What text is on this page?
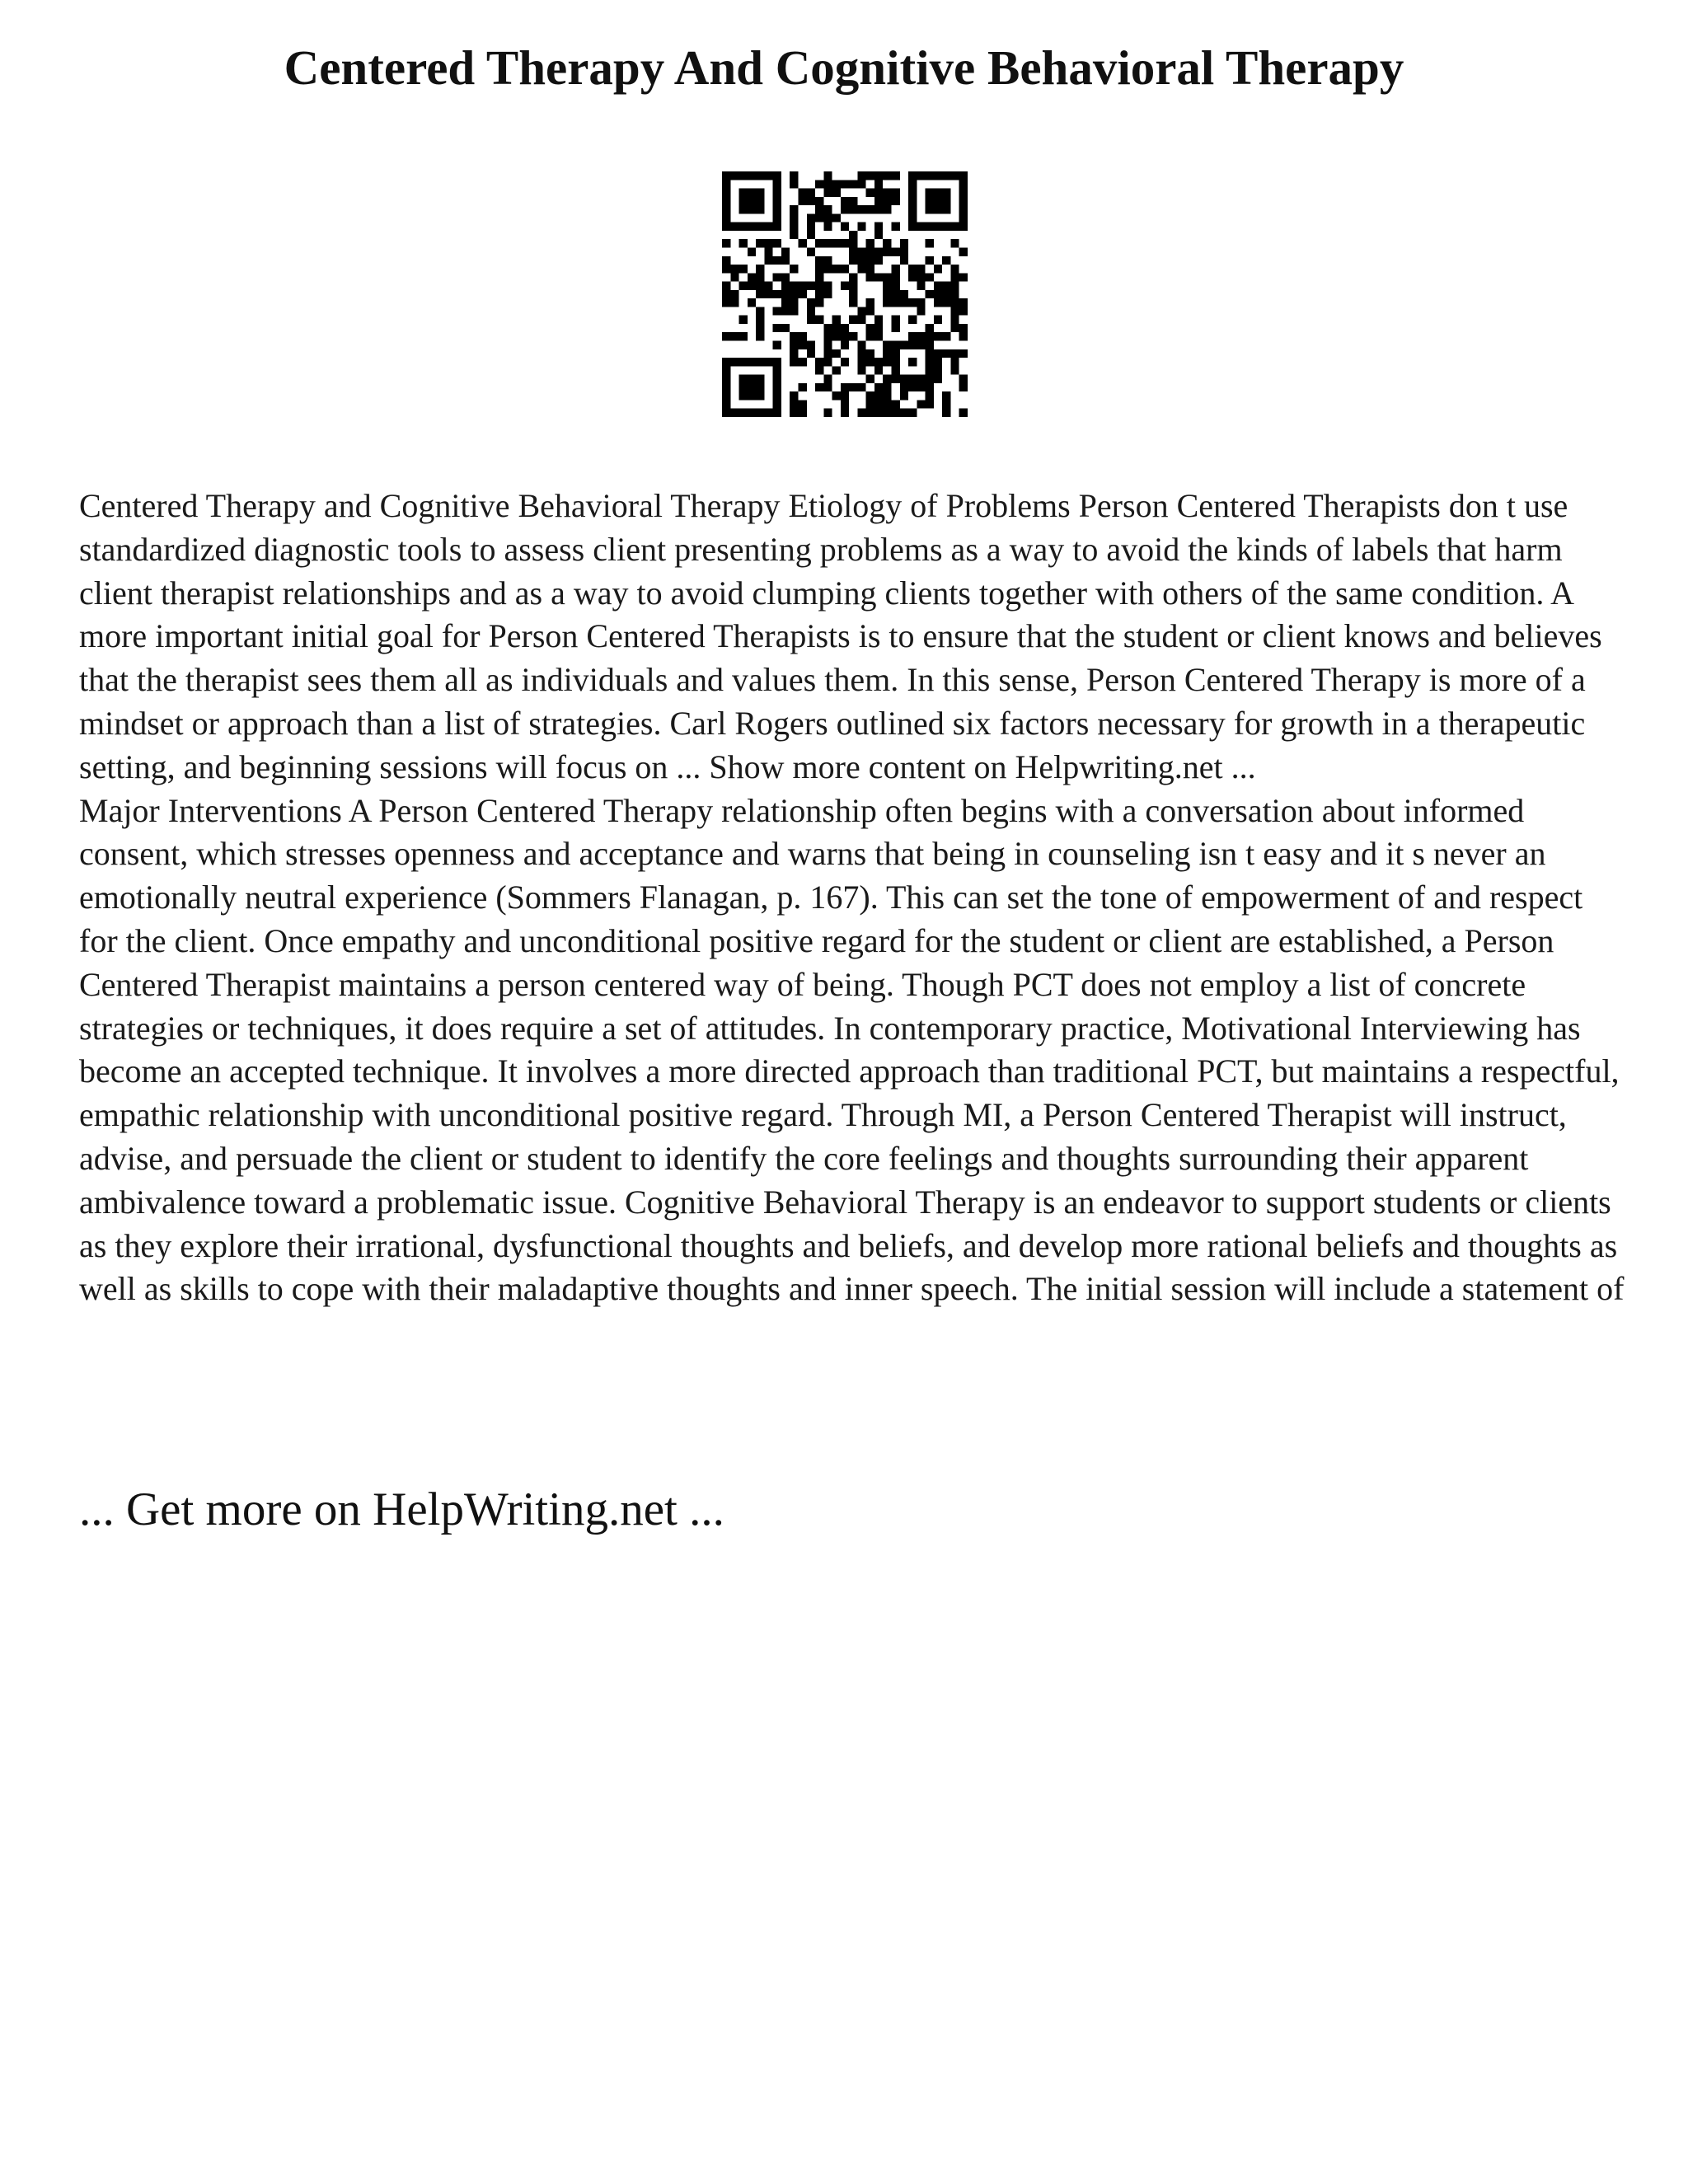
Centered Therapy And Cognitive Behavioral Therapy

Centered Therapy and Cognitive Behavioral Therapy Etiology of Problems Person Centered Therapists don t use standardized diagnostic tools to assess client presenting problems as a way to avoid the kinds of labels that harm client therapist relationships and as a way to avoid clumping clients together with others of the same condition. A more important initial goal for Person Centered Therapists is to ensure that the student or client knows and believes that the therapist sees them all as individuals and values them. In this sense, Person Centered Therapy is more of a mindset or approach than a list of strategies. Carl Rogers outlined six factors necessary for growth in a therapeutic setting, and beginning sessions will focus on ... Show more content on Helpwriting.net ...

Major Interventions A Person Centered Therapy relationship often begins with a conversation about informed consent, which stresses openness and acceptance and warns that being in counseling isn t easy and it s never an emotionally neutral experience (Sommers Flanagan, p. 167). This can set the tone of empowerment of and respect for the client. Once empathy and unconditional positive regard for the student or client are established, a Person Centered Therapist maintains a person centered way of being. Though PCT does not employ a list of concrete strategies or techniques, it does require a set of attitudes. In contemporary practice, Motivational Interviewing has become an accepted technique. It involves a more directed approach than traditional PCT, but maintains a respectful, empathic relationship with unconditional positive regard. Through MI, a Person Centered Therapist will instruct, advise, and persuade the client or student to identify the core feelings and thoughts surrounding their apparent ambivalence toward a problematic issue. Cognitive Behavioral Therapy is an endeavor to support students or clients as they explore their irrational, dysfunctional thoughts and beliefs, and develop more rational beliefs and thoughts as well as skills to cope with their maladaptive thoughts and inner speech. The initial session will include a statement of

... Get more on HelpWriting.net ...
